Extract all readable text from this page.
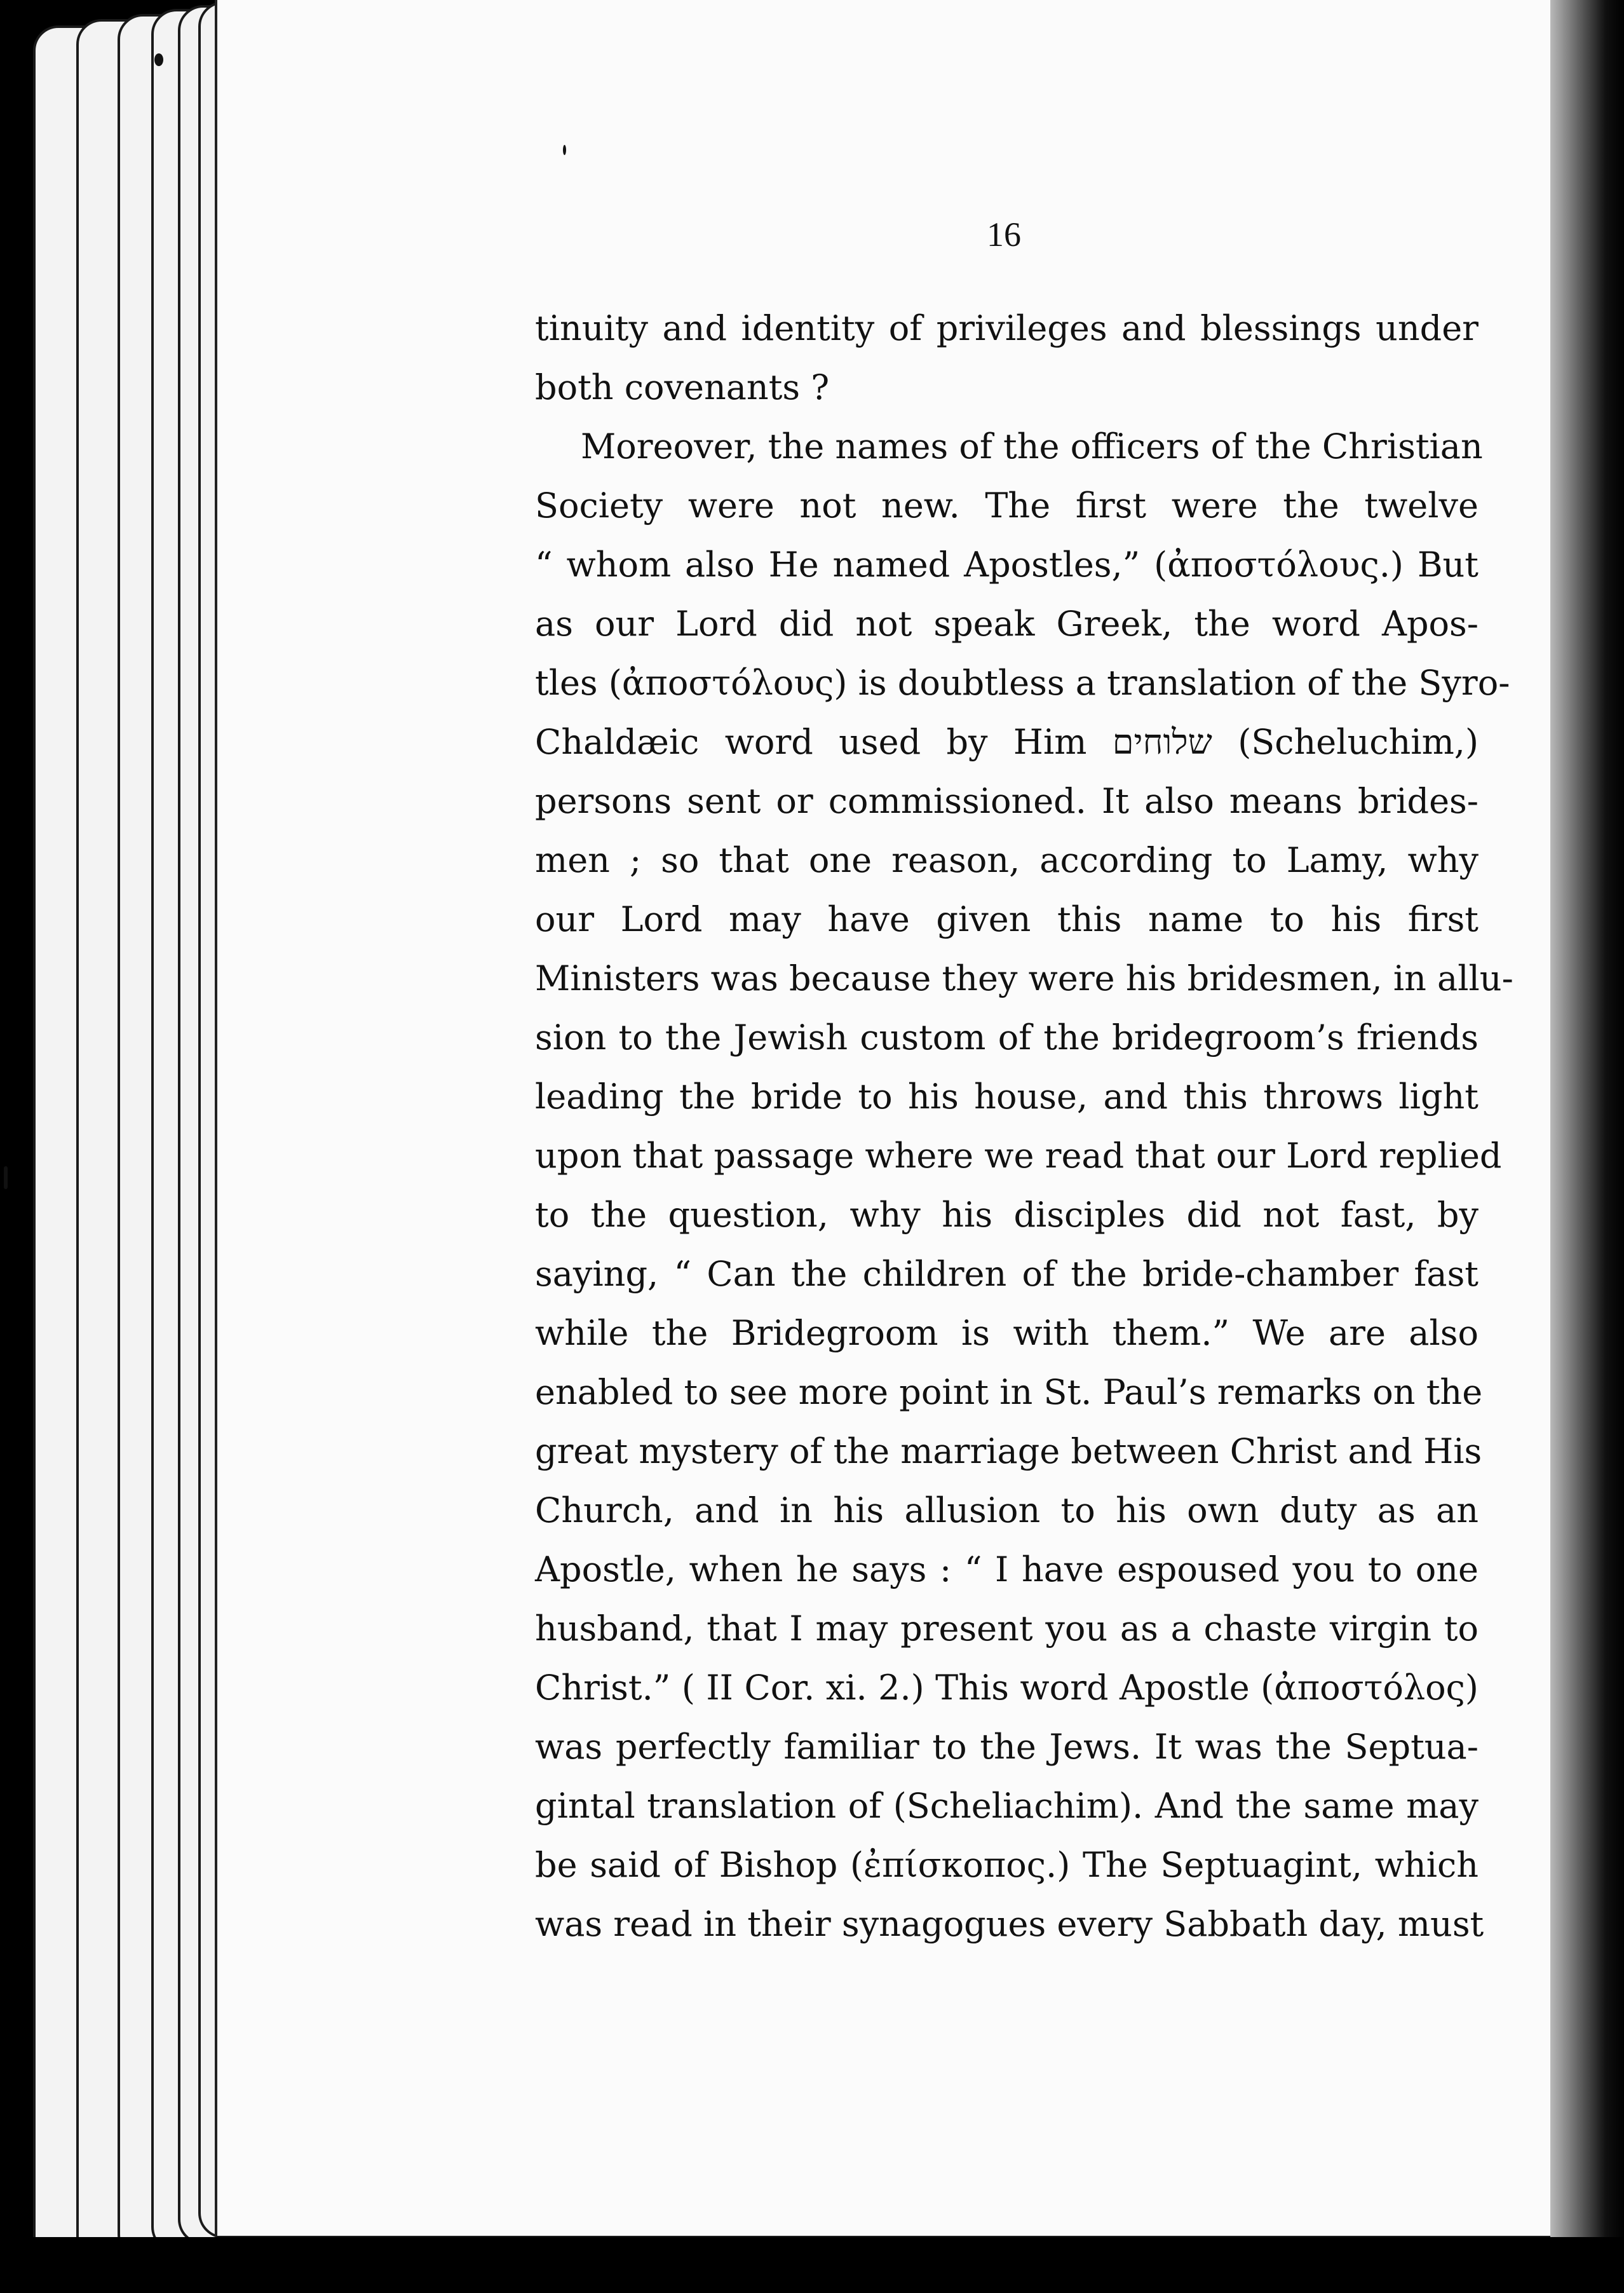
16
tinuity and identity of privileges and blessings under
both covenants ?
Moreover, the names of the officers of the Christian
Society were not new. The first were the twelve
“ whom also He named Apostles,” (ἀποστόλους.) But
as our Lord did not speak Greek, the word Apos-
tles (ἀποστόλους) is doubtless a translation of the Syro-
Chaldæic word used by Him שלוחים (Scheluchim,)
persons sent or commissioned. It also means brides-
men ; so that one reason, according to Lamy, why
our Lord may have given this name to his first
Ministers was because they were his bridesmen, in allu-
sion to the Jewish custom of the bridegroom’s friends
leading the bride to his house, and this throws light
upon that passage where we read that our Lord replied
to the question, why his disciples did not fast, by
saying, “ Can the children of the bride-chamber fast
while the Bridegroom is with them.” We are also
enabled to see more point in St. Paul’s remarks on the
great mystery of the marriage between Christ and His
Church, and in his allusion to his own duty as an
Apostle, when he says : “ I have espoused you to one
husband, that I may present you as a chaste virgin to
Christ.” ( II Cor. xi. 2.) This word Apostle (ἀποστόλος)
was perfectly familiar to the Jews. It was the Septua-
gintal translation of (Scheliachim). And the same may
be said of Bishop (ἐπίσκοπος.) The Septuagint, which
was read in their synagogues every Sabbath day, must
